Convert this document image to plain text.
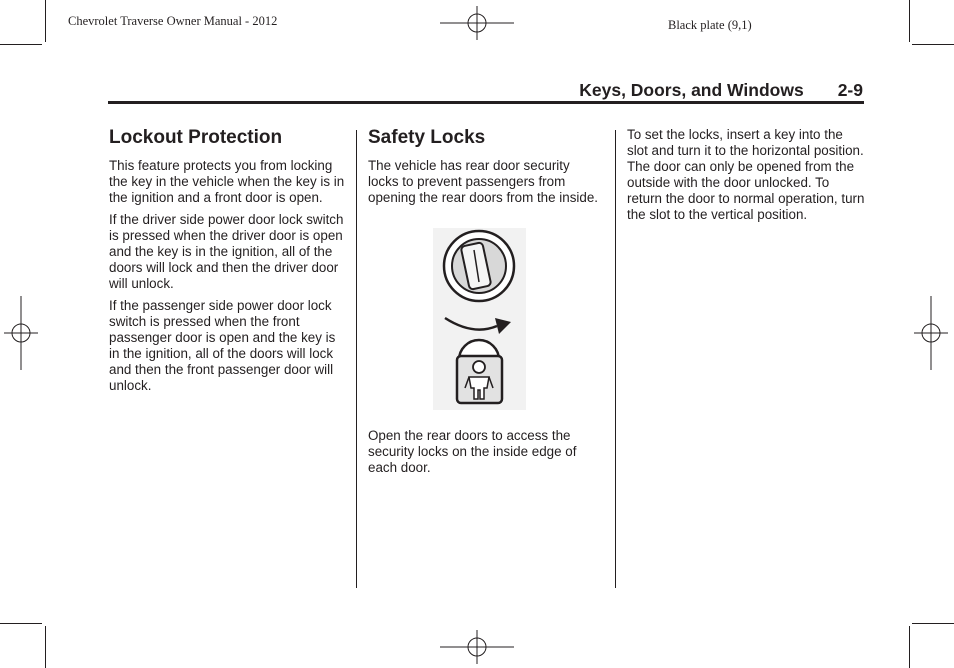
Chevrolet Traverse Owner Manual - 2012	Black plate (9,1)
Keys, Doors, and Windows 2-9
Lockout Protection

This feature protects you from locking the key in the vehicle when the key is in the ignition and a front door is open.

If the driver side power door lock switch is pressed when the driver door is open and the key is in the ignition, all of the doors will lock and then the driver door will unlock.

If the passenger side power door lock switch is pressed when the front passenger door is open and the key is in the ignition, all of the doors will lock and then the front passenger door will unlock.

Safety Locks

The vehicle has rear door security locks to prevent passengers from opening the rear doors from the inside.

Open the rear doors to access the security locks on the inside edge of each door.

To set the locks, insert a key into the slot and turn it to the horizontal position. The door can only be opened from the outside with the door unlocked. To return the door to normal operation, turn the slot to the vertical position.
